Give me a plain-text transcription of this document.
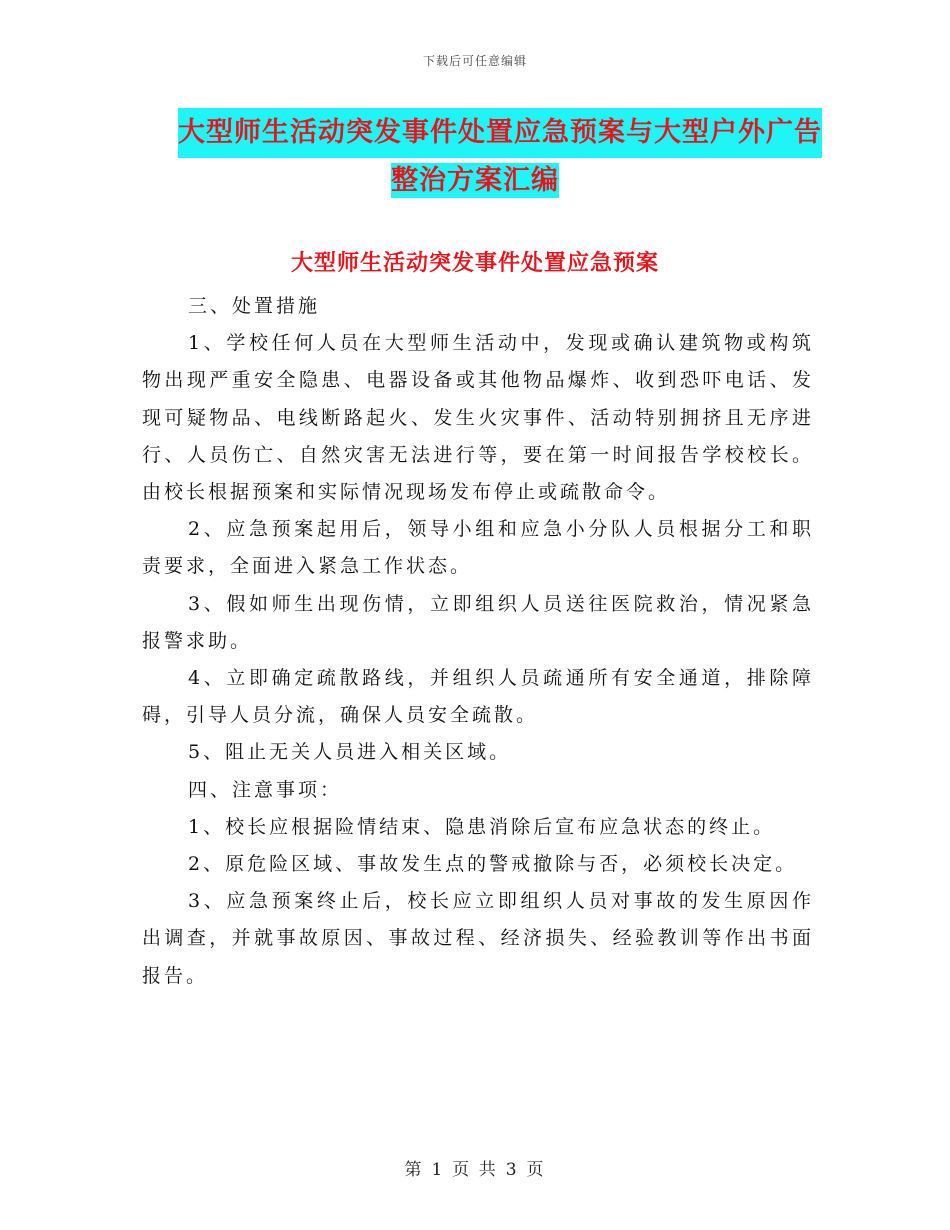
下载后可任意编辑
大型师生活动突发事件处置应急预案与大型户外广告
整治方案汇编
大型师生活动突发事件处置应急预案

三、处置措施

1、学校任何人员在大型师生活动中，发现或确认建筑物或构筑物出现严重安全隐患、电器设备或其他物品爆炸、收到恐吓电话、发现可疑物品、电线断路起火、发生火灾事件、活动特别拥挤且无序进行、人员伤亡、自然灾害无法进行等，要在第一时间报告学校校长。由校长根据预案和实际情况现场发布停止或疏散命令。

2、应急预案起用后，领导小组和应急小分队人员根据分工和职责要求，全面进入紧急工作状态。

3、假如师生出现伤情，立即组织人员送往医院救治，情况紧急报警求助。

4、立即确定疏散路线，并组织人员疏通所有安全通道，排除障碍，引导人员分流，确保人员安全疏散。

5、阻止无关人员进入相关区域。

四、注意事项：

1、校长应根据险情结束、隐患消除后宣布应急状态的终止。

2、原危险区域、事故发生点的警戒撤除与否，必须校长决定。

3、应急预案终止后，校长应立即组织人员对事故的发生原因作出调查，并就事故原因、事故过程、经济损失、经验教训等作出书面报告。

第 1 页 共 3 页
